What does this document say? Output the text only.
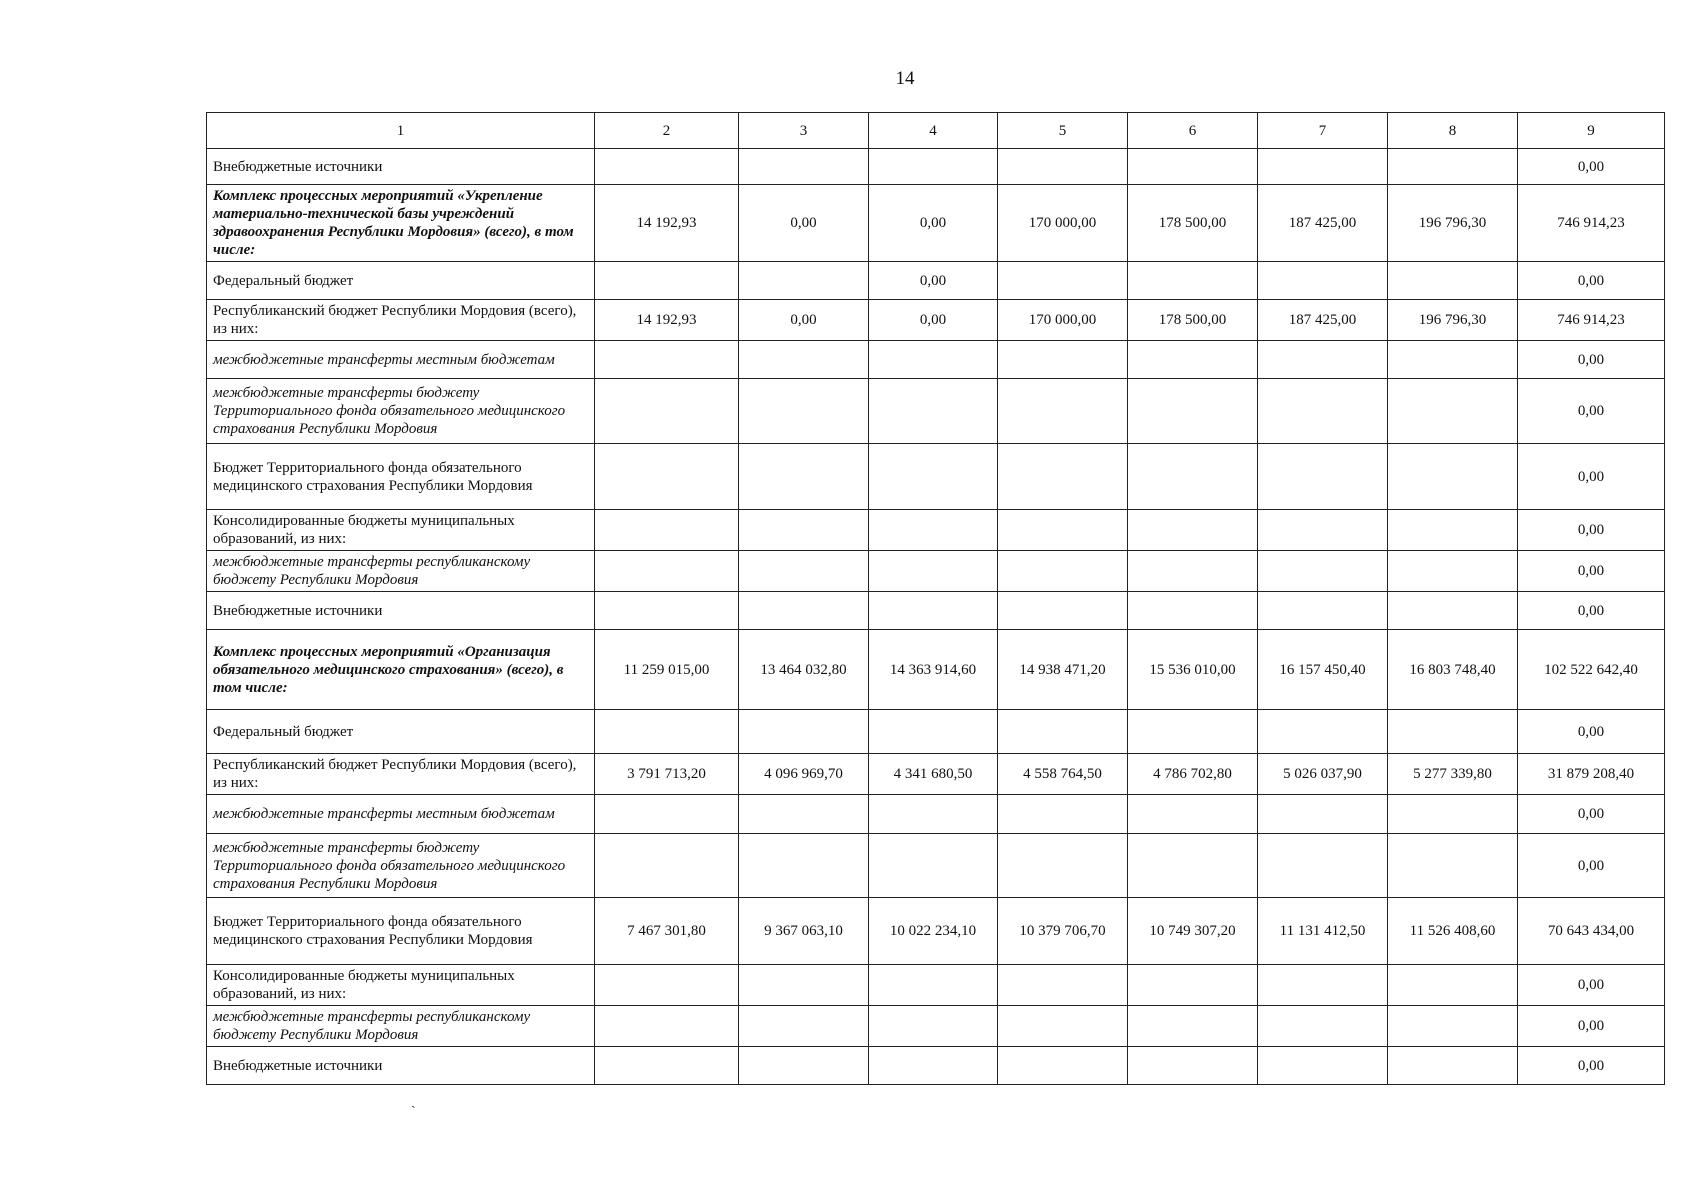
14
1	2	3	4	5	6	7	8	9
Внебюджетные источники								0,00
Комплекс процессных мероприятий «Укрепление материально-технической базы учреждений здравоохранения Республики Мордовия» (всего), в том числе:	14 192,93	0,00	0,00	170 000,00	178 500,00	187 425,00	196 796,30	746 914,23
Федеральный бюджет			0,00					0,00
Республиканский бюджет Республики Мордовия (всего), из них:	14 192,93	0,00	0,00	170 000,00	178 500,00	187 425,00	196 796,30	746 914,23
межбюджетные трансферты местным бюджетам								0,00
межбюджетные трансферты бюджету Территориального фонда обязательного медицинского страхования Республики Мордовия								0,00
Бюджет Территориального фонда обязательного медицинского страхования Республики Мордовия								0,00
Консолидированные бюджеты муниципальных образований, из них:								0,00
межбюджетные трансферты республиканскому бюджету Республики Мордовия								0,00
Внебюджетные источники								0,00
Комплекс процессных мероприятий «Организация обязательного медицинского страхования» (всего), в том числе:	11 259 015,00	13 464 032,80	14 363 914,60	14 938 471,20	15 536 010,00	16 157 450,40	16 803 748,40	102 522 642,40
Федеральный бюджет								0,00
Республиканский бюджет Республики Мордовия (всего), из них:	3 791 713,20	4 096 969,70	4 341 680,50	4 558 764,50	4 786 702,80	5 026 037,90	5 277 339,80	31 879 208,40
межбюджетные трансферты местным бюджетам								0,00
межбюджетные трансферты бюджету Территориального фонда обязательного медицинского страхования Республики Мордовия								0,00
Бюджет Территориального фонда обязательного медицинского страхования Республики Мордовия	7 467 301,80	9 367 063,10	10 022 234,10	10 379 706,70	10 749 307,20	11 131 412,50	11 526 408,60	70 643 434,00
Консолидированные бюджеты муниципальных образований, из них:								0,00
межбюджетные трансферты республиканскому бюджету Республики Мордовия								0,00
Внебюджетные источники								0,00
ˏ
